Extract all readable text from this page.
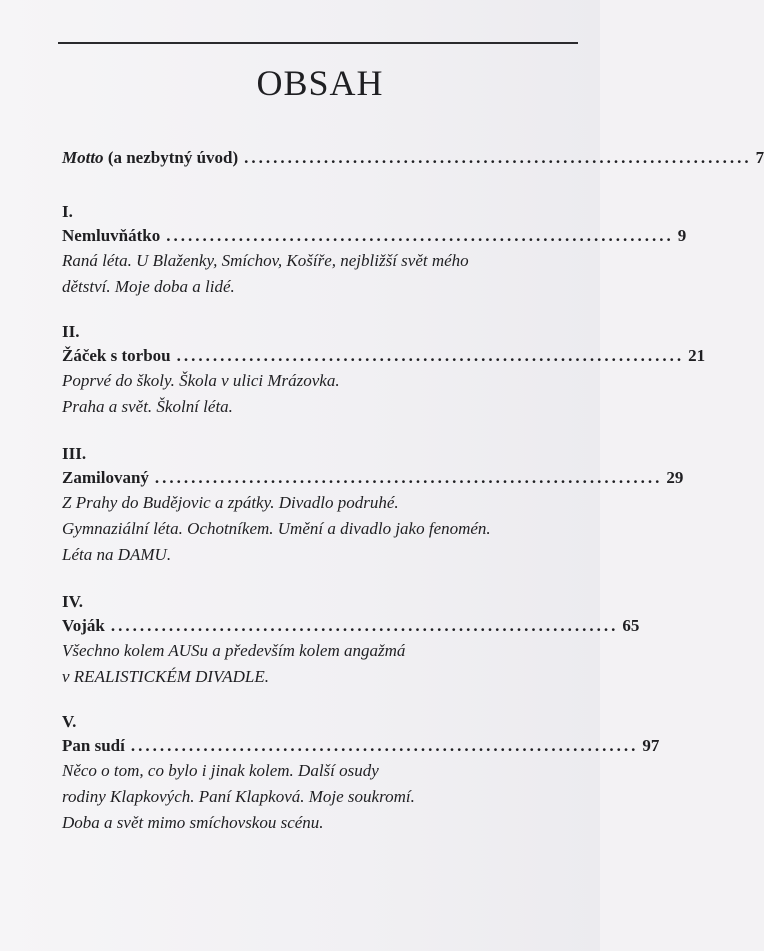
OBSAH
Motto (a nezbytný úvod) ...................................................................... 7
I.
Nemluvňátko ...................................................................... 9
Raná léta. U Blaženky, Smíchov, Košíře, nejbližší svět mého
dětství. Moje doba a lidé.
II.
Žáček s torbou ...................................................................... 21
Poprvé do školy. Škola v ulici Mrázovka.
Praha a svět. Školní léta.
III.
Zamilovaný ...................................................................... 29
Z Prahy do Budějovic a zpátky. Divadlo podruhé.
Gymnaziální léta. Ochotníkem. Umění a divadlo jako fenomén.
Léta na DAMU.
IV.
Voják ...................................................................... 65
Všechno kolem AUSu a především kolem angažmá
v REALISTICKÉM DIVADLE.
V.
Pan sudí ...................................................................... 97
Něco o tom, co bylo i jinak kolem. Další osudy
rodiny Klapkových. Paní Klapková. Moje soukromí.
Doba a svět mimo smíchovskou scénu.
